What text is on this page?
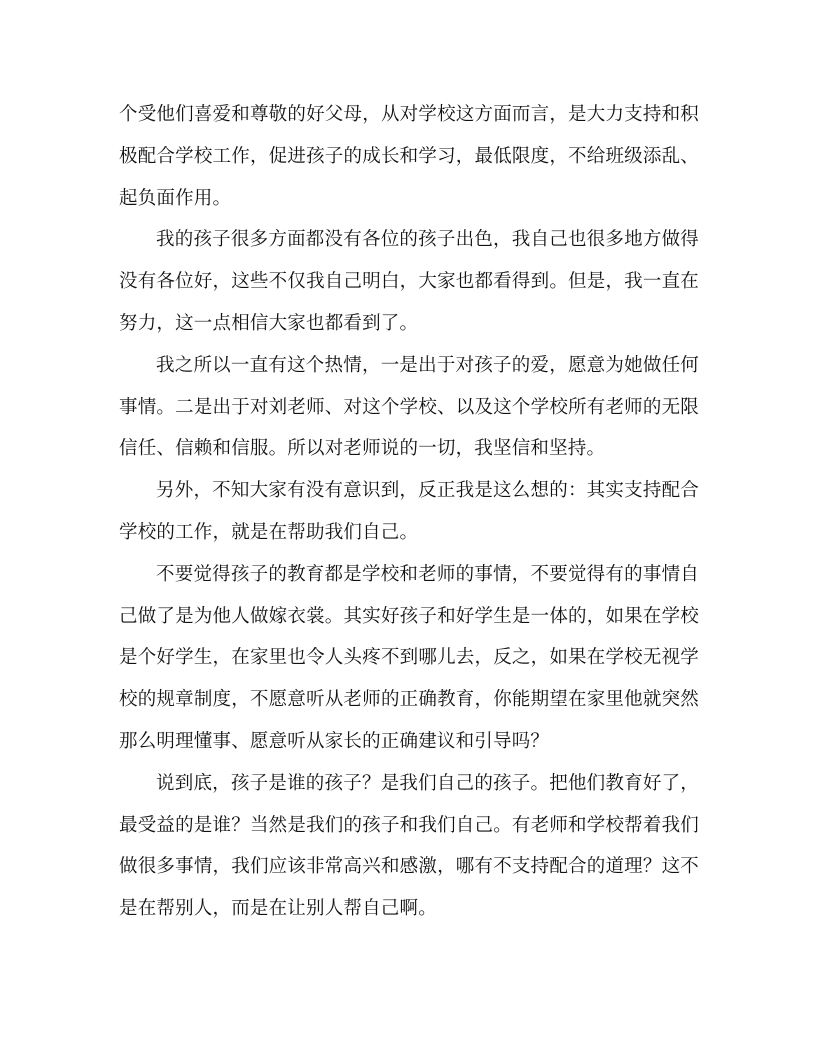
个受他们喜爱和尊敬的好父母，从对学校这方面而言，是大力支持和积极配合学校工作，促进孩子的成长和学习，最低限度，不给班级添乱、起负面作用。

我的孩子很多方面都没有各位的孩子出色，我自己也很多地方做得没有各位好，这些不仅我自己明白，大家也都看得到。但是，我一直在努力，这一点相信大家也都看到了。

我之所以一直有这个热情，一是出于对孩子的爱，愿意为她做任何事情。二是出于对刘老师、对这个学校、以及这个学校所有老师的无限信任、信赖和信服。所以对老师说的一切，我坚信和坚持。

另外，不知大家有没有意识到，反正我是这么想的：其实支持配合学校的工作，就是在帮助我们自己。

不要觉得孩子的教育都是学校和老师的事情，不要觉得有的事情自己做了是为他人做嫁衣裳。其实好孩子和好学生是一体的，如果在学校是个好学生，在家里也令人头疼不到哪儿去，反之，如果在学校无视学校的规章制度，不愿意听从老师的正确教育，你能期望在家里他就突然那么明理懂事、愿意听从家长的正确建议和引导吗？

说到底，孩子是谁的孩子？是我们自己的孩子。把他们教育好了，最受益的是谁？当然是我们的孩子和我们自己。有老师和学校帮着我们做很多事情，我们应该非常高兴和感激，哪有不支持配合的道理？这不是在帮别人，而是在让别人帮自己啊。
